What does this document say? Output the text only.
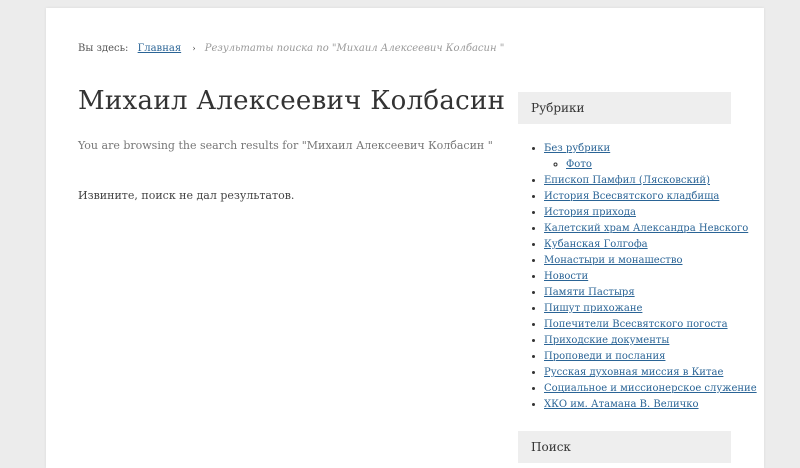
Вы здесь: Главная › Результаты поиска по "Михаил Алексеевич Колбасин "
Михаил Алексеевич Колбасин
You are browsing the search results for "Михаил Алексеевич Колбасин "
Извините, поиск не дал результатов.
Рубрики
• Без рубрики
◦ Фото
• Епископ Памфил (Лясковский)
• История Всесвятского кладбища
• История прихода
• Калетский храм Александра Невского
• Кубанская Голгофа
• Монастыри и монашество
• Новости
• Памяти Пастыря
• Пишут прихожане
• Попечители Всесвятского погоста
• Приходские документы
• Проповеди и послания
• Русская духовная миссия в Китае
• Социальное и миссионерское служение
• ХКО им. Атамана В. Величко
Поиск
